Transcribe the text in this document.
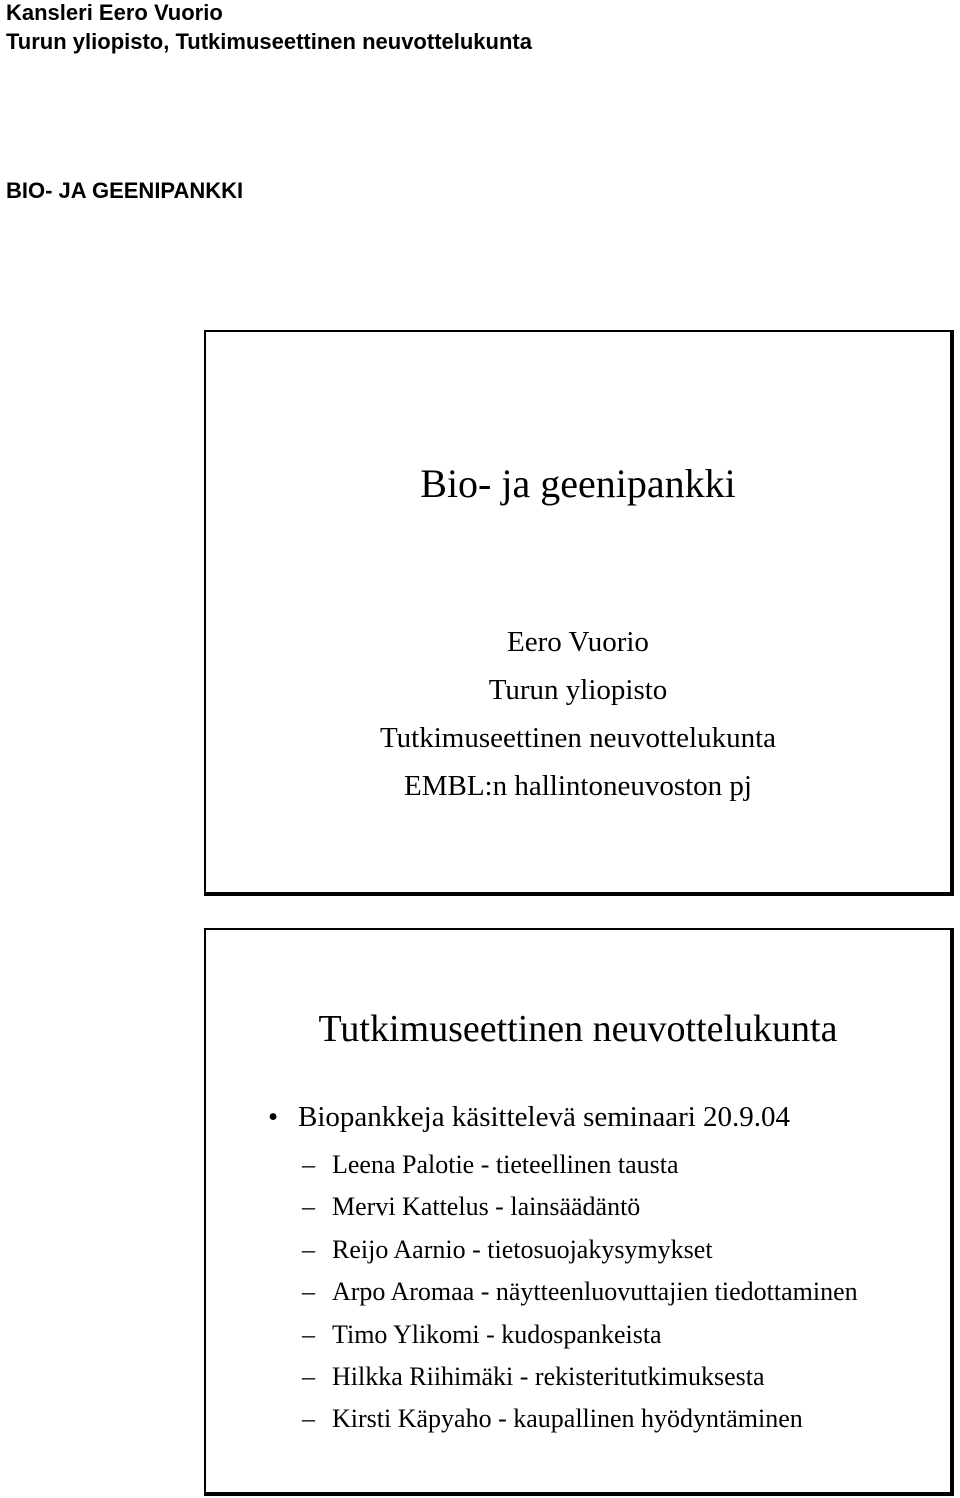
Kansleri Eero Vuorio
Turun yliopisto, Tutkimuseettinen neuvottelukunta
BIO- JA GEENIPANKKI
Bio- ja geenipankki
Eero Vuorio
Turun yliopisto
Tutkimuseettinen neuvottelukunta
EMBL:n hallintoneuvoston pj
Tutkimuseettinen neuvottelukunta
• Biopankkeja käsittelevä seminaari 20.9.04
– Leena Palotie - tieteellinen tausta
– Mervi Kattelus - lainsäädäntö
– Reijo Aarnio - tietosuojakysymykset
– Arpo Aromaa - näytteenluovuttajien tiedottaminen
– Timo Ylikomi - kudospankeista
– Hilkka Riihimäki - rekisteritutkimuksesta
– Kirsti Käpyaho - kaupallinen hyödyntäminen
